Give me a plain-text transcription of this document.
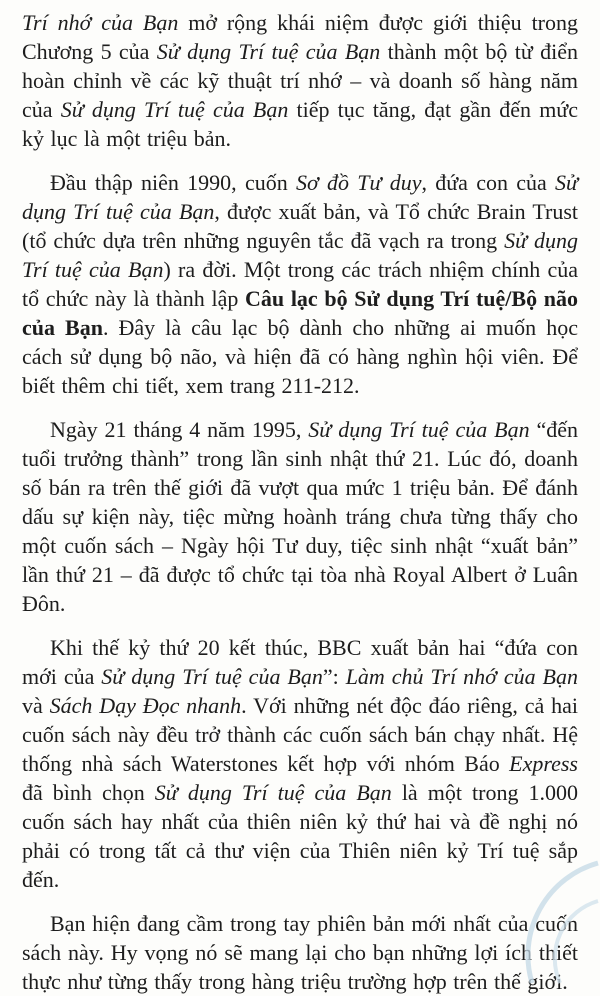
Trí nhớ của Bạn mở rộng khái niệm được giới thiệu trong Chương 5 của Sử dụng Trí tuệ của Bạn thành một bộ từ điển hoàn chỉnh về các kỹ thuật trí nhớ – và doanh số hàng năm của Sử dụng Trí tuệ của Bạn tiếp tục tăng, đạt gần đến mức kỷ lục là một triệu bản.

Đầu thập niên 1990, cuốn Sơ đồ Tư duy, đứa con của Sử dụng Trí tuệ của Bạn, được xuất bản, và Tổ chức Brain Trust (tổ chức dựa trên những nguyên tắc đã vạch ra trong Sử dụng Trí tuệ của Bạn) ra đời. Một trong các trách nhiệm chính của tổ chức này là thành lập Câu lạc bộ Sử dụng Trí tuệ/Bộ não của Bạn. Đây là câu lạc bộ dành cho những ai muốn học cách sử dụng bộ não, và hiện đã có hàng nghìn hội viên. Để biết thêm chi tiết, xem trang 211-212.

Ngày 21 tháng 4 năm 1995, Sử dụng Trí tuệ của Bạn “đến tuổi trưởng thành” trong lần sinh nhật thứ 21. Lúc đó, doanh số bán ra trên thế giới đã vượt qua mức 1 triệu bản. Để đánh dấu sự kiện này, tiệc mừng hoành tráng chưa từng thấy cho một cuốn sách – Ngày hội Tư duy, tiệc sinh nhật “xuất bản” lần thứ 21 – đã được tổ chức tại tòa nhà Royal Albert ở Luân Đôn.

Khi thế kỷ thứ 20 kết thúc, BBC xuất bản hai “đứa con mới của Sử dụng Trí tuệ của Bạn”: Làm chủ Trí nhớ của Bạn và Sách Dạy Đọc nhanh. Với những nét độc đáo riêng, cả hai cuốn sách này đều trở thành các cuốn sách bán chạy nhất. Hệ thống nhà sách Waterstones kết hợp với nhóm Báo Express đã bình chọn Sử dụng Trí tuệ của Bạn là một trong 1.000 cuốn sách hay nhất của thiên niên kỷ thứ hai và đề nghị nó phải có trong tất cả thư viện của Thiên niên kỷ Trí tuệ sắp đến.

Bạn hiện đang cầm trong tay phiên bản mới nhất của cuốn sách này. Hy vọng nó sẽ mang lại cho bạn những lợi ích thiết thực như từng thấy trong hàng triệu trường hợp trên thế giới.
